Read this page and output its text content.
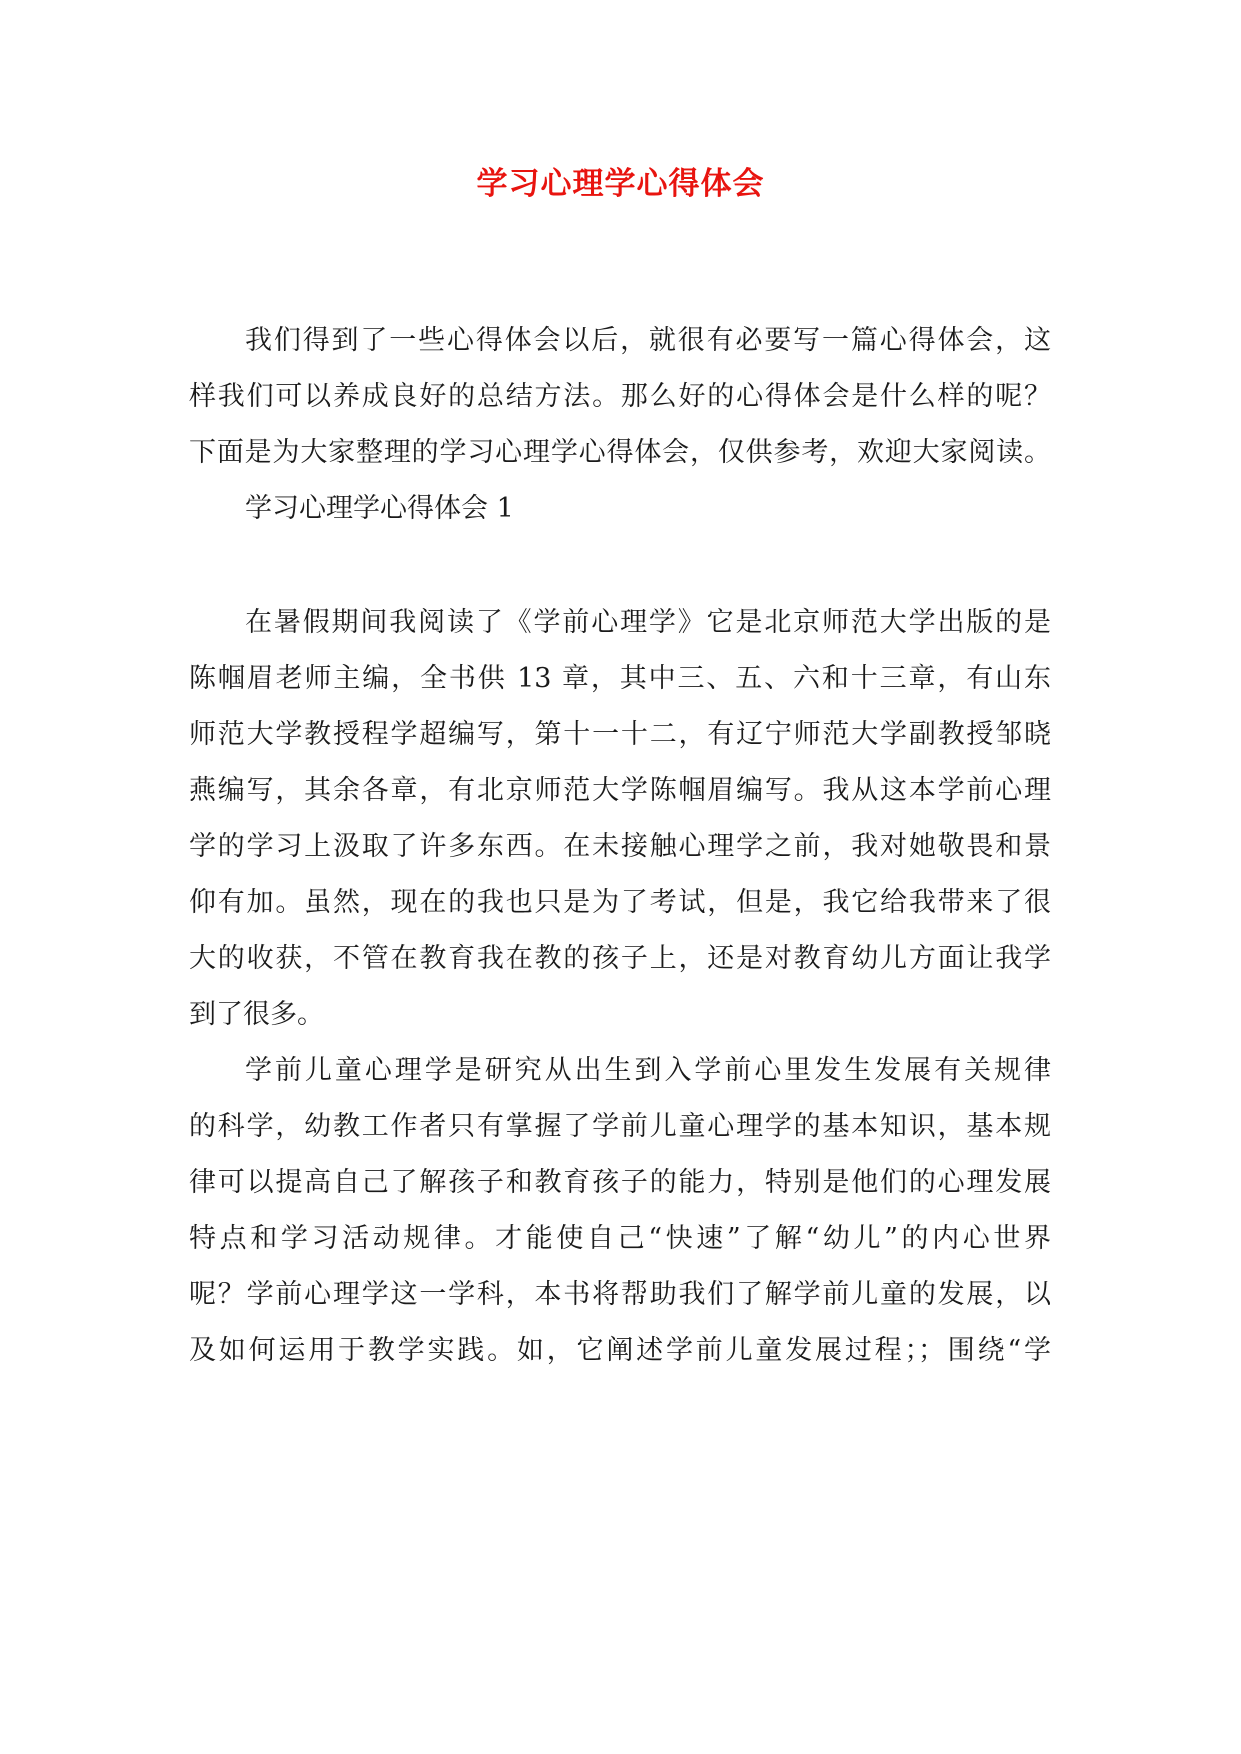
学习心理学心得体会

我们得到了一些心得体会以后，就很有必要写一篇心得体会，这

样我们可以养成良好的总结方法。那么好的心得体会是什么样的呢？

下面是为大家整理的学习心理学心得体会，仅供参考，欢迎大家阅读。

学习心理学心得体会 1

在暑假期间我阅读了《学前心理学》它是北京师范大学出版的是

陈帼眉老师主编，全书供 13 章，其中三、五、六和十三章，有山东

师范大学教授程学超编写，第十一十二，有辽宁师范大学副教授邹晓

燕编写，其余各章，有北京师范大学陈帼眉编写。我从这本学前心理

学的学习上汲取了许多东西。在未接触心理学之前，我对她敬畏和景

仰有加。虽然，现在的我也只是为了考试，但是，我它给我带来了很

大的收获，不管在教育我在教的孩子上，还是对教育幼儿方面让我学

到了很多。

学前儿童心理学是研究从出生到入学前心里发生发展有关规律

的科学，幼教工作者只有掌握了学前儿童心理学的基本知识，基本规

律可以提高自己了解孩子和教育孩子的能力，特别是他们的心理发展

特点和学习活动规律。才能使自己“快速”了解“幼儿”的内心世界

呢？学前心理学这一学科，本书将帮助我们了解学前儿童的发展，以

及如何运用于教学实践。如，它阐述学前儿童发展过程；；围绕“学
